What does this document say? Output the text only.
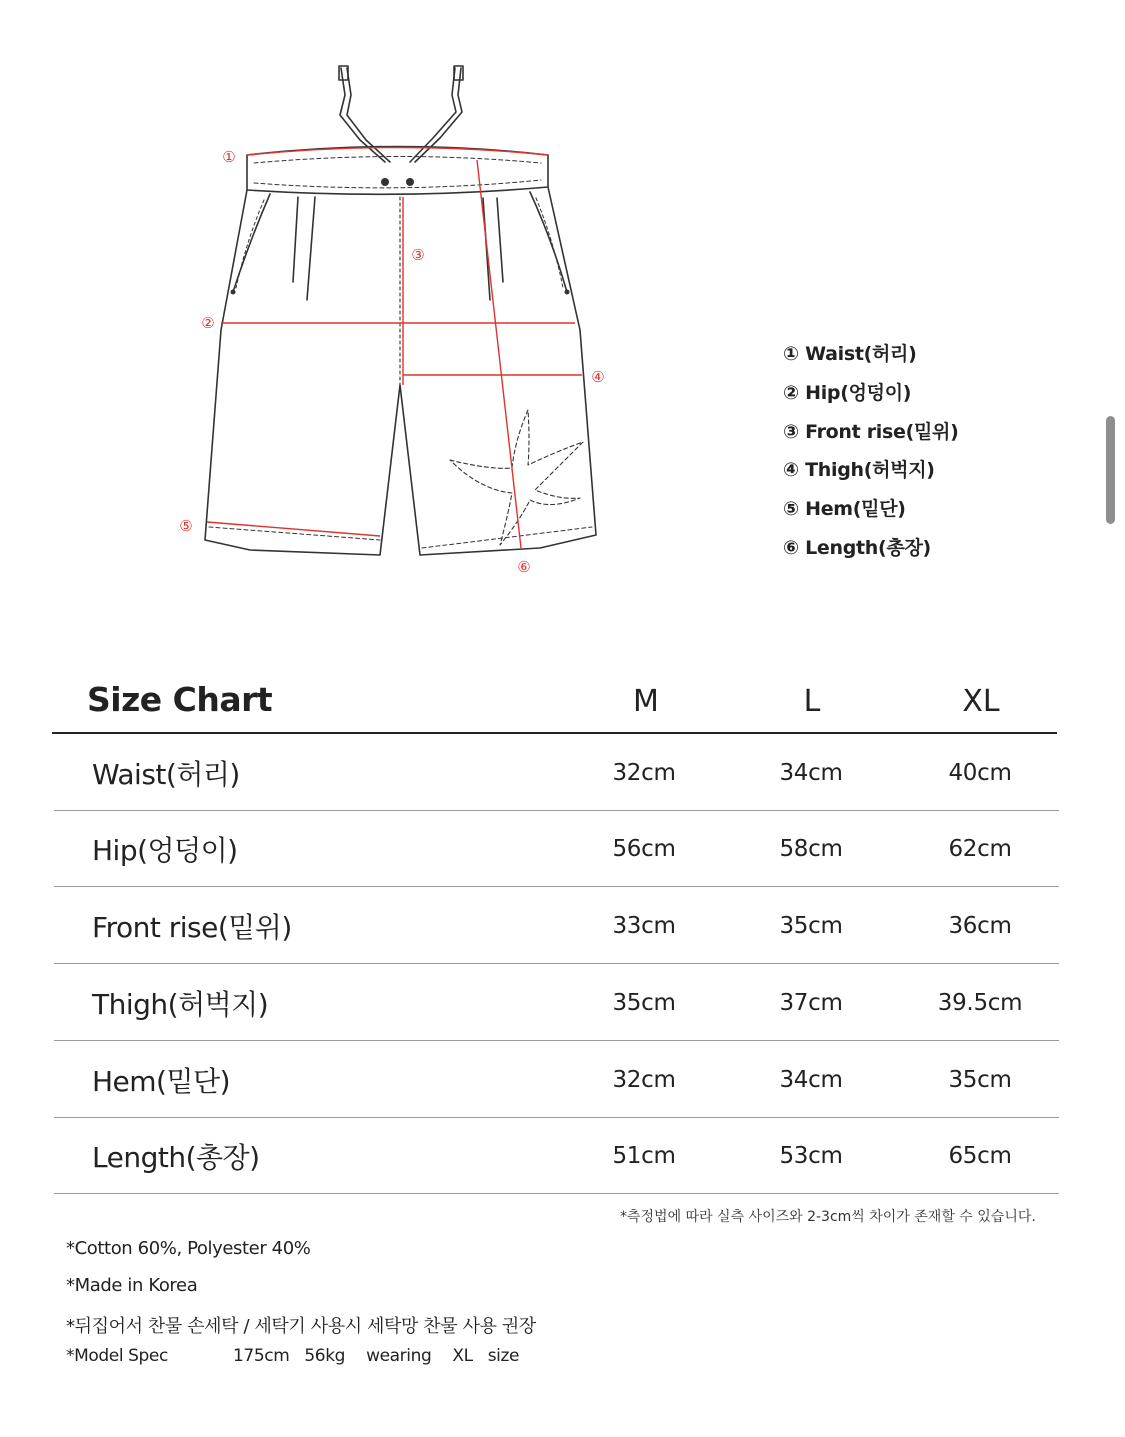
①
②
③
④
⑤
⑥
① Waist(허리)
② Hip(엉덩이)
③ Front rise(밑위)
④ Thigh(허벅지)
⑤ Hem(밑단)
⑥ Length(총장)
Size Chart	M	L	XL
Waist(허리)	32cm	34cm	40cm
Hip(엉덩이)	56cm	58cm	62cm
Front rise(밑위)	33cm	35cm	36cm
Thigh(허벅지)	35cm	37cm	39.5cm
Hem(밑단)	32cm	34cm	35cm
Length(총장)	51cm	53cm	65cm
*측정법에 따라 실측 사이즈와 2-3cm씩 차이가 존재할 수 있습니다.
*Cotton 60%, Polyester 40%
*Made in Korea
*뒤집어서 찬물 손세탁 / 세탁기 사용시 세탁망 찬물 사용 권장
*Model Spec	175cm 56kg wearing XL size
